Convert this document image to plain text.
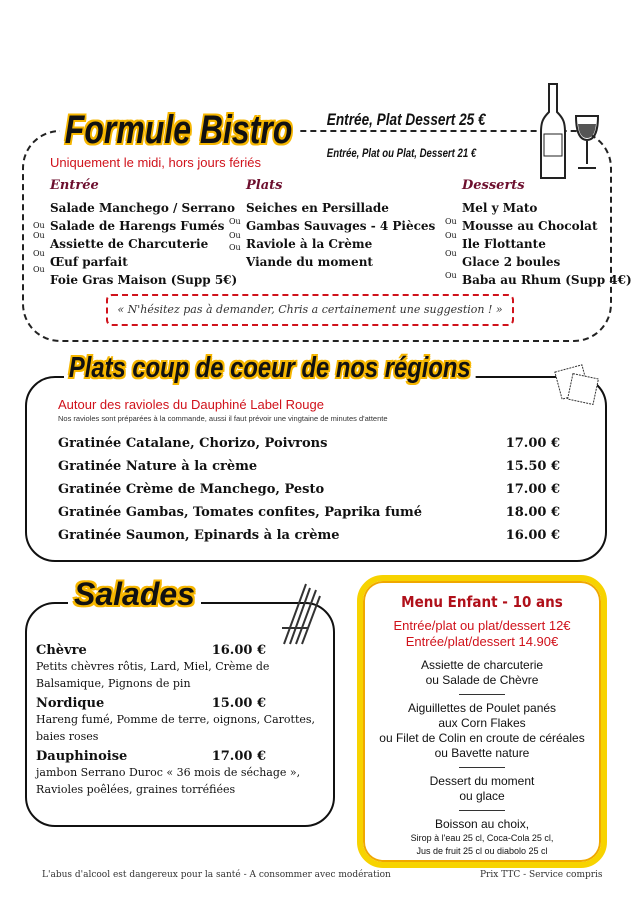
Formule Bistro Entrée, Plat Dessert 25 €
Entrée, Plat ou Plat, Dessert 21 €
Uniquement le midi, hors jours fériés
Entrée
Salade Manchego / Serrano
Ou Salade de Harengs Fumés
Ou
Assiette de Charcuterie
Ou
Œuf parfait
Ou
Foie Gras Maison (Supp 5€)
Plats
Seiches en Persillade
Ou Gambas Sauvages - 4 Pièces
Ou
Ou Raviole à la Crème
Viande du moment
Desserts
Mel y Mato
Ou Mousse au Chocolat
Ou
Ile Flottante
Ou
Glace 2 boules
Ou Baba au Rhum (Supp 4€)
« N'hésitez pas à demander, Chris a certainement une suggestion ! »
Plats coup de coeur de nos régions
Autour des ravioles du Dauphiné Label Rouge
Nos ravioles sont préparées à la commande, aussi il faut prévoir une vingtaine de minutes d'attente
Gratinée Catalane, Chorizo, Poivrons	17.00 €
Gratinée Nature à la crème	15.50 €
Gratinée Crème de Manchego, Pesto	17.00 €
Gratinée Gambas, Tomates confites, Paprika fumé	18.00 €
Gratinée Saumon, Epinards à la crème	16.00 €
Salades
Chèvre	16.00 €
Petits chèvres rôtis, Lard, Miel, Crème de Balsamique, Pignons de pin
Nordique	15.00 €
Hareng fumé, Pomme de terre, oignons, Carottes, baies roses
Dauphinoise	17.00 €
jambon Serrano Duroc « 36 mois de séchage », Ravioles poêlées, graines torréfiées

Menu Enfant - 10 ans

Entrée/plat ou plat/dessert 12€

Entrée/plat/dessert 14.90€

Assiette de charcuterie

ou Salade de Chèvre

Aiguillettes de Poulet panés

aux Corn Flakes

ou Filet de Colin en croute de céréales

ou Bavette nature

Dessert du moment

ou glace

Boisson au choix,

Sirop à l'eau 25 cl, Coca-Cola 25 cl,

Jus de fruit 25 cl ou diabolo 25 cl

L'abus d'alcool est dangereux pour la santé - A consommer avec modération	Prix TTC - Service compris
